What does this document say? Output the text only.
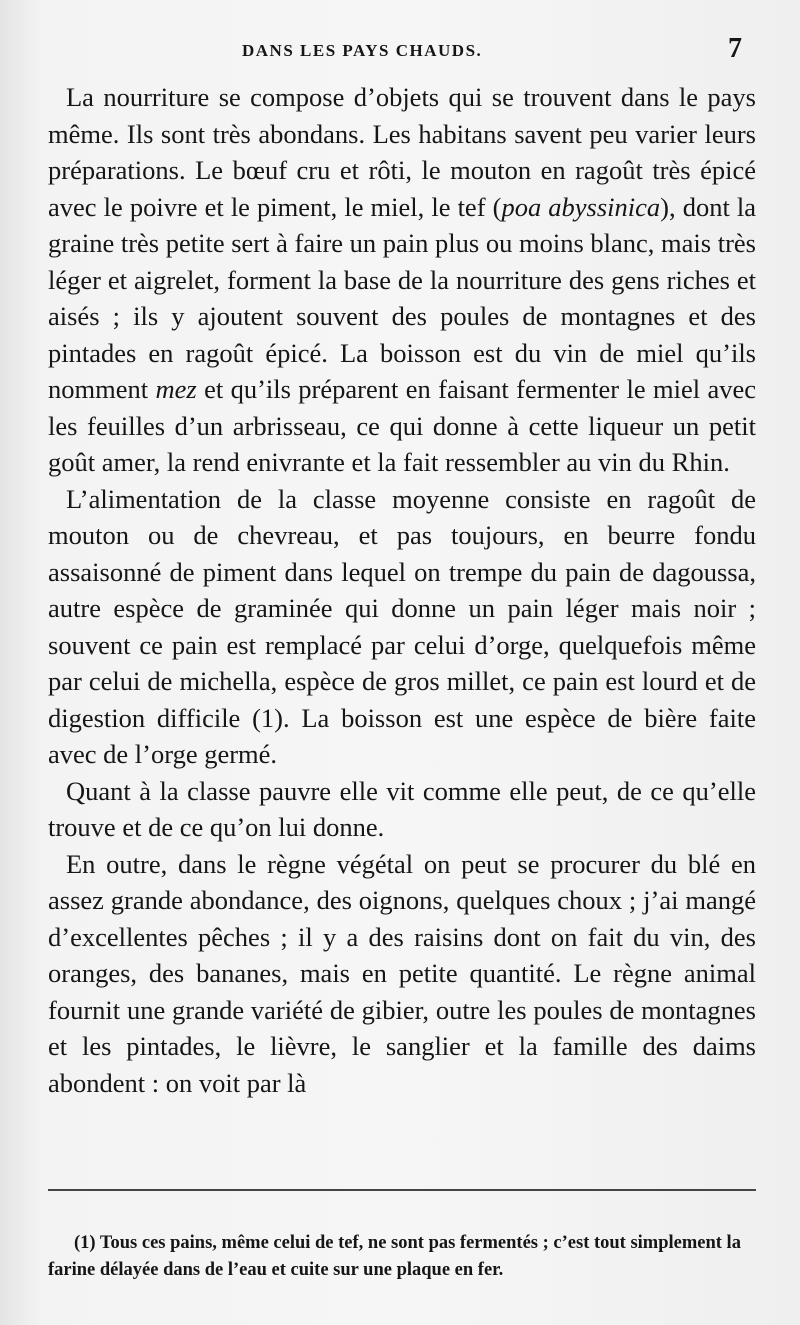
DANS LES PAYS CHAUDS.	7

La nourriture se compose d’objets qui se trouvent dans le pays même. Ils sont très abondans. Les habitans savent peu varier leurs préparations. Le bœuf cru et rôti, le mouton en ragoût très épicé avec le poivre et le piment, le miel, le tef (poa abyssinica), dont la graine très petite sert à faire un pain plus ou moins blanc, mais très léger et aigrelet, forment la base de la nourriture des gens riches et aisés ; ils y ajoutent souvent des poules de montagnes et des pintades en ragoût épicé. La boisson est du vin de miel qu’ils nomment mez et qu’ils préparent en faisant fermenter le miel avec les feuilles d’un arbrisseau, ce qui donne à cette liqueur un petit goût amer, la rend enivrante et la fait ressembler au vin du Rhin.

L’alimentation de la classe moyenne consiste en ragoût de mouton ou de chevreau, et pas toujours, en beurre fondu assaisonné de piment dans lequel on trempe du pain de dagoussa, autre espèce de graminée qui donne un pain léger mais noir ; souvent ce pain est remplacé par celui d’orge, quelquefois même par celui de michella, espèce de gros millet, ce pain est lourd et de digestion difficile (1). La boisson est une espèce de bière faite avec de l’orge germé.

Quant à la classe pauvre elle vit comme elle peut, de ce qu’elle trouve et de ce qu’on lui donne.

En outre, dans le règne végétal on peut se procurer du blé en assez grande abondance, des oignons, quelques choux ; j’ai mangé d’excellentes pêches ; il y a des raisins dont on fait du vin, des oranges, des bananes, mais en petite quantité. Le règne animal fournit une grande variété de gibier, outre les poules de montagnes et les pintades, le lièvre, le sanglier et la famille des daims abondent : on voit par là

(1) Tous ces pains, même celui de tef, ne sont pas fermentés ; c’est tout simplement la farine délayée dans de l’eau et cuite sur une plaque en fer.
